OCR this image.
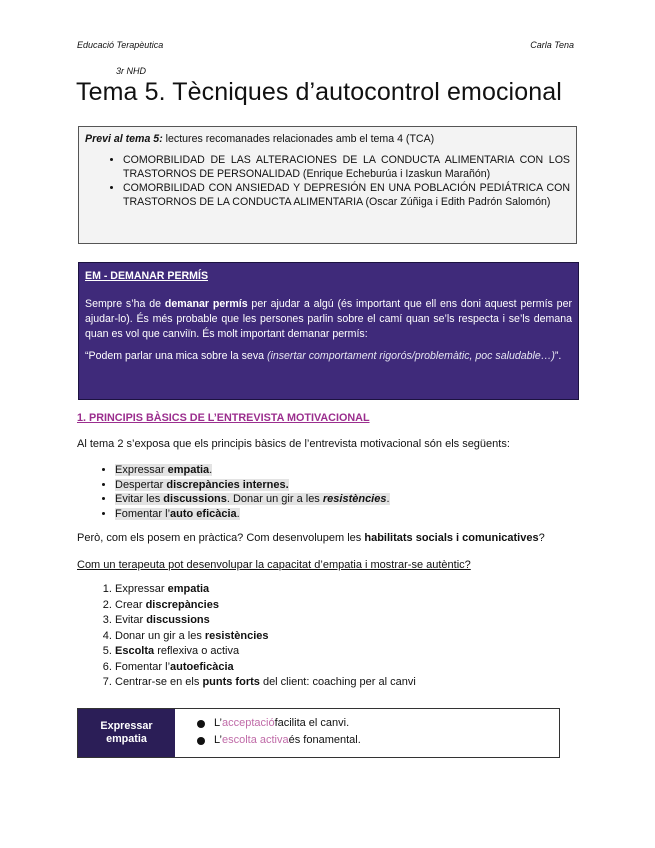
Educació Terapèutica	Carla Tena
3r NHD
Tema 5. Tècniques d’autocontrol emocional
Previ al tema 5: lectures recomanades relacionades amb el tema 4 (TCA)
• COMORBILIDAD DE LAS ALTERACIONES DE LA CONDUCTA ALIMENTARIA CON LOS TRASTORNOS DE PERSONALIDAD (Enrique Echeburúa i Izaskun Marañón)
• COMORBILIDAD CON ANSIEDAD Y DEPRESIÓN EN UNA POBLACIÓN PEDIÁTRICA CON TRASTORNOS DE LA CONDUCTA ALIMENTARIA (Oscar Zúñiga i Edith Padrón Salomón)
EM - DEMANAR PERMÍS

Sempre s’ha de demanar permís per ajudar a algú (és important que ell ens doni aquest permís per ajudar-lo). És més probable que les persones parlin sobre el camí quan se’ls respecta i se’ls demana quan es vol que canviïn. És molt important demanar permís:

“Podem parlar una mica sobre la seva (insertar comportament rigorós/problemàtic, poc saludable…)”.

1. PRINCIPIS BÀSICS DE L’ENTREVISTA MOTIVACIONAL
Al tema 2 s’exposa que els principis bàsics de l’entrevista motivacional són els següents:
• Expressar empatia.
• Despertar discrepàncies internes.
• Evitar les discussions. Donar un gir a les resistències.
• Fomentar l’auto eficàcia.
Però, com els posem en pràctica? Com desenvolupem les habilitats socials i comunicatives?
Com un terapeuta pot desenvolupar la capacitat d’empatia i mostrar-se autèntic?
1. Expressar empatia
2. Crear discrepàncies
3. Evitar discussions
4. Donar un gir a les resistències
5. Escolta reflexiva o activa
6. Fomentar l’autoeficàcia
7. Centrar-se en els punts forts del client: coaching per al canvi
Expressar
empatia
L’ acceptació facilita el canvi.
L’ escolta activa és fonamental.
